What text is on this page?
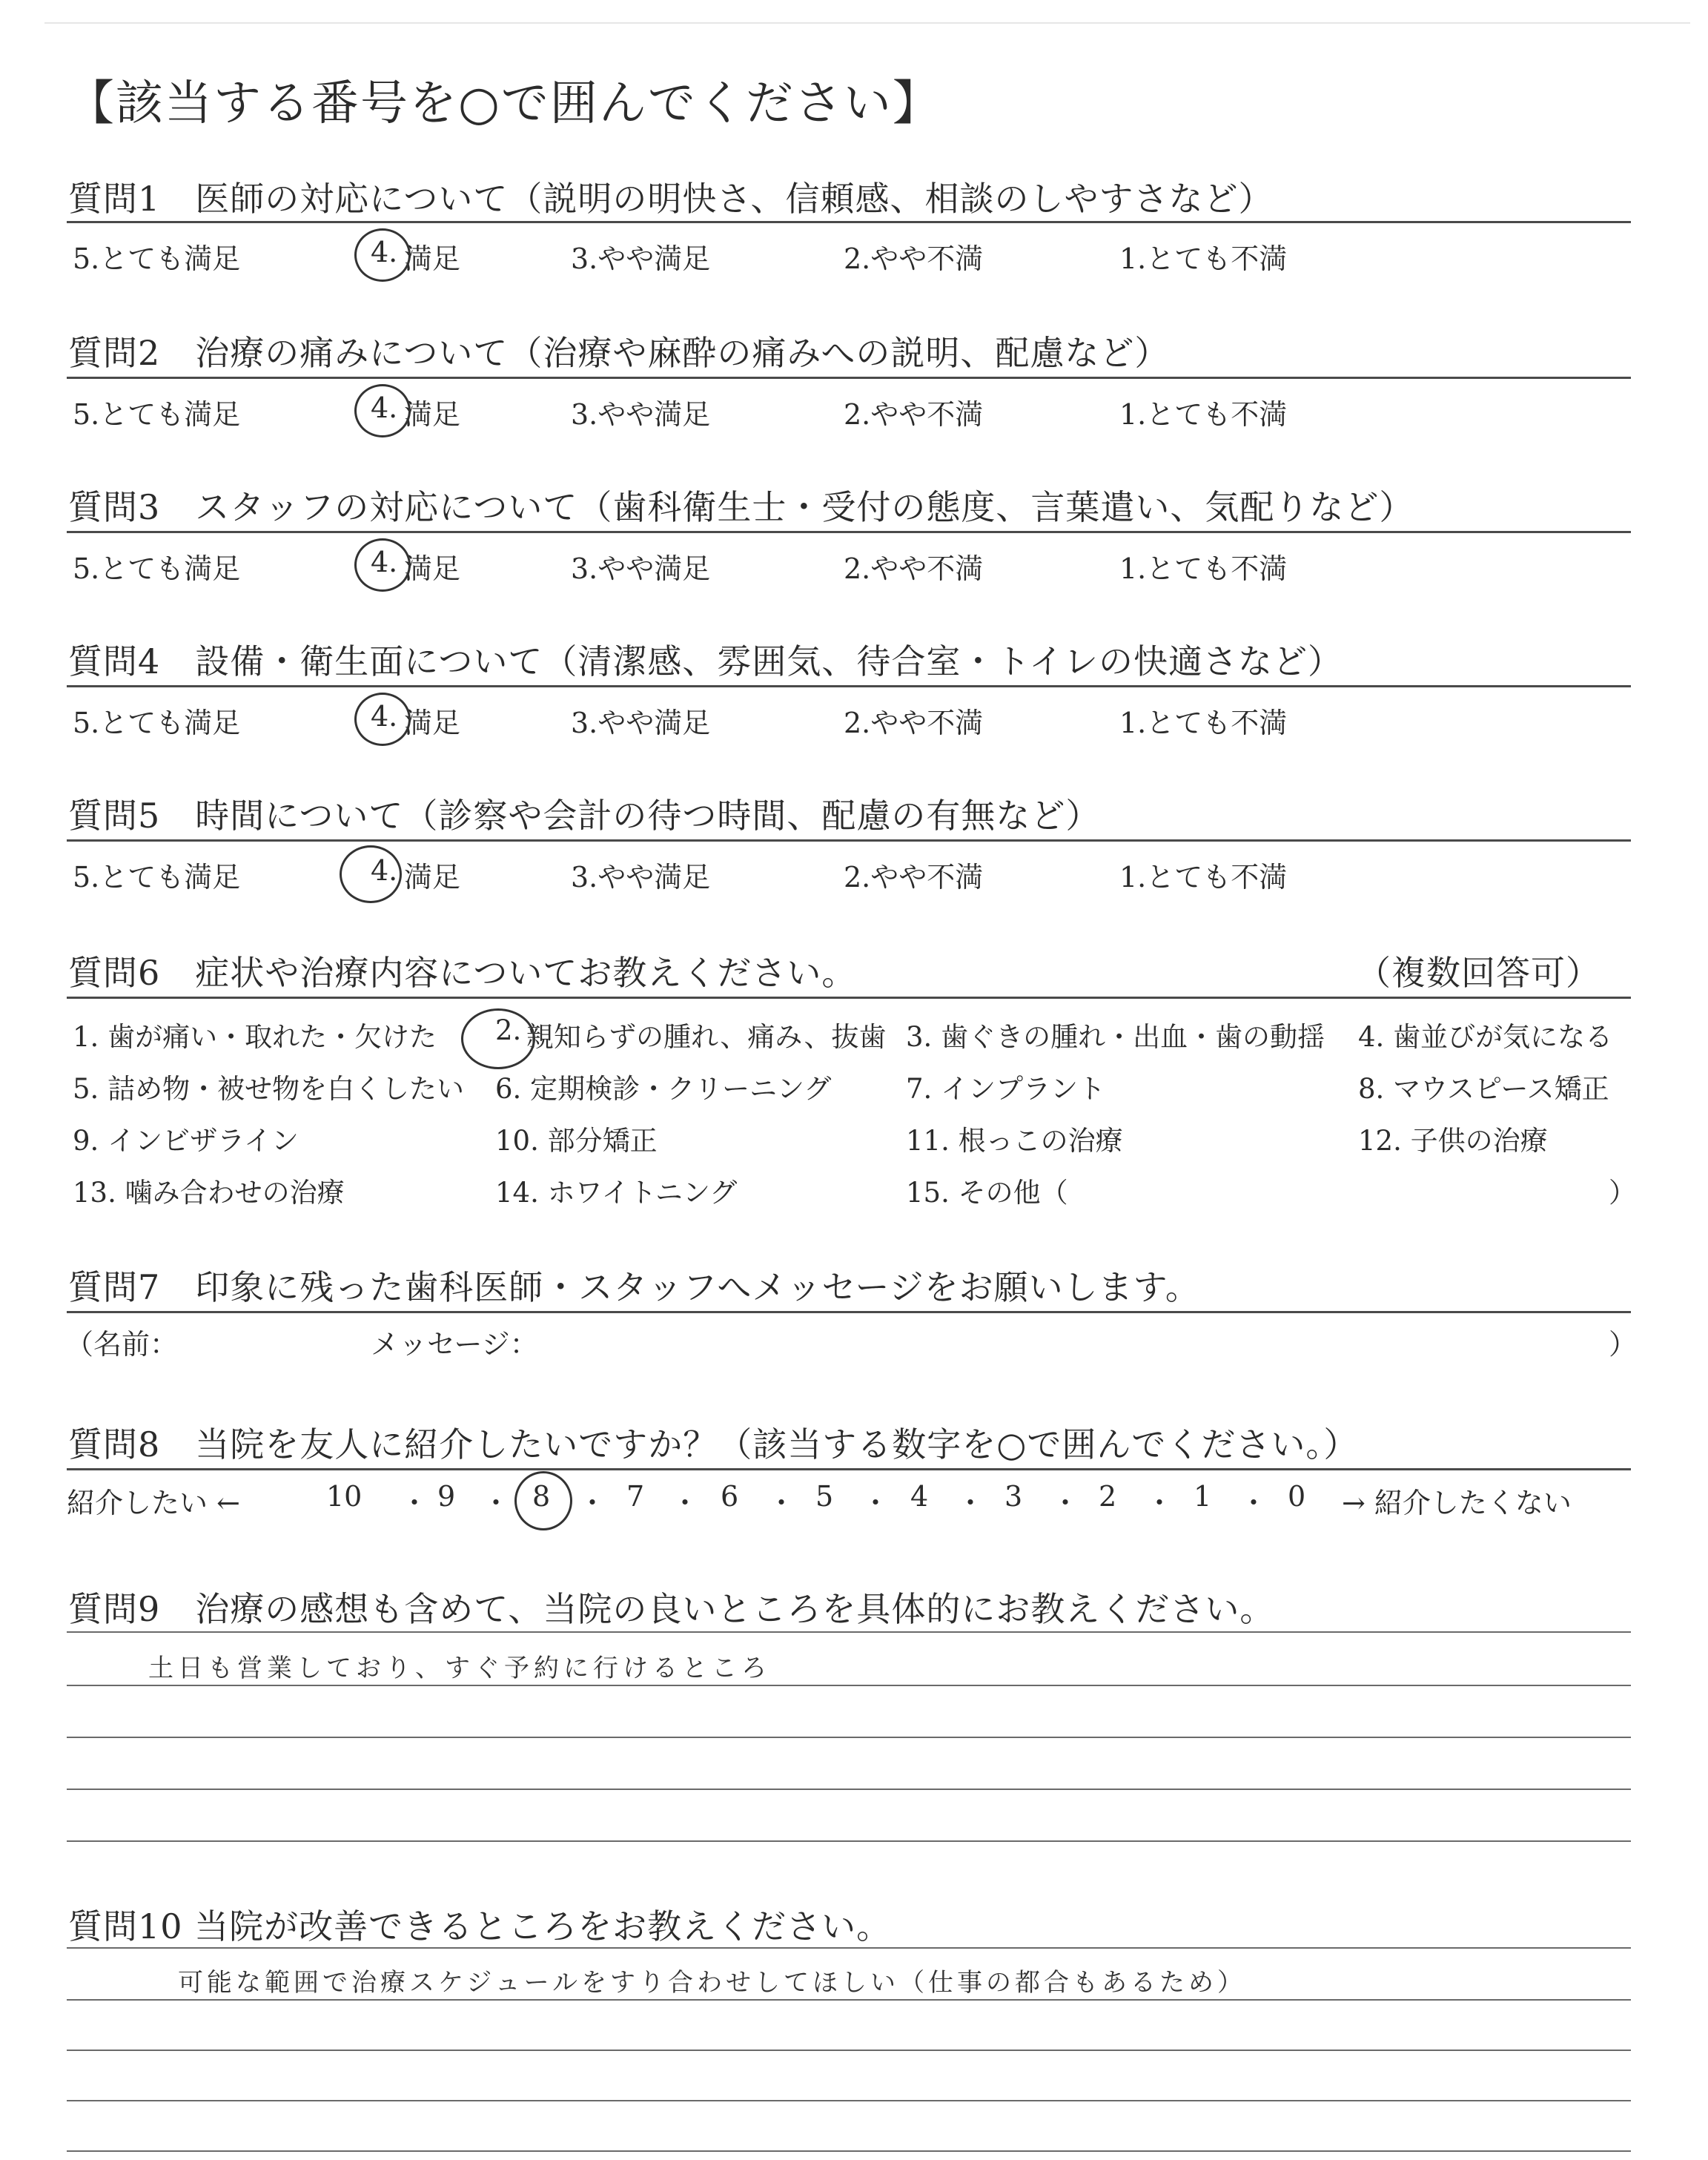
【該当する番号を○で囲んでください】
質問1　医師の対応について（説明の明快さ、信頼感、相談のしやすさなど）
5.とても満足	4. 満足	3.やや満足	2.やや不満	1.とても不満
質問2　治療の痛みについて（治療や麻酔の痛みへの説明、配慮など）
5.とても満足	4. 満足	3.やや満足	2.やや不満	1.とても不満
質問3　スタッフの対応について（歯科衛生士・受付の態度、言葉遣い、気配りなど）
5.とても満足	4. 満足	3.やや満足	2.やや不満	1.とても不満
質問4　設備・衛生面について（清潔感、雰囲気、待合室・トイレの快適さなど）
5.とても満足	4. 満足	3.やや満足	2.やや不満	1.とても不満
質問5　時間について（診察や会計の待つ時間、配慮の有無など）
5.とても満足	4. 満足	3.やや満足	2.やや不満	1.とても不満
質問6　症状や治療内容についてお教えください。	（複数回答可）
1. 歯が痛い・取れた・欠けた 2. 親知らずの腫れ、痛み、抜歯 3. 歯ぐきの腫れ・出血・歯の動揺 4. 歯並びが気になる
5. 詰め物・被せ物を白くしたい 6. 定期検診・クリーニング	7. インプラント	8. マウスピース矯正
9. インビザライン	10. 部分矯正	11. 根っこの治療	12. 子供の治療
13. 噛み合わせの治療	14. ホワイトニング	15. その他（	）
質問7　印象に残った歯科医師・スタッフへメッセージをお願いします。
（名前：	メッセージ：	）
質問8　当院を友人に紹介したいですか？（該当する数字を○で囲んでください。）
紹介したい ←	10 ・ 9 ・ 8 ・ 7 ・ 6 ・ 5 ・ 4 ・ 3 ・ 2 ・ 1 ・ 0 → 紹介したくない
質問9　治療の感想も含めて、当院の良いところを具体的にお教えください。
土日も営業しており、すぐ予約に行けるところ
質問10 当院が改善できるところをお教えください。
可能な範囲で治療スケジュールをすり合わせしてほしい（仕事の都合もあるため）
